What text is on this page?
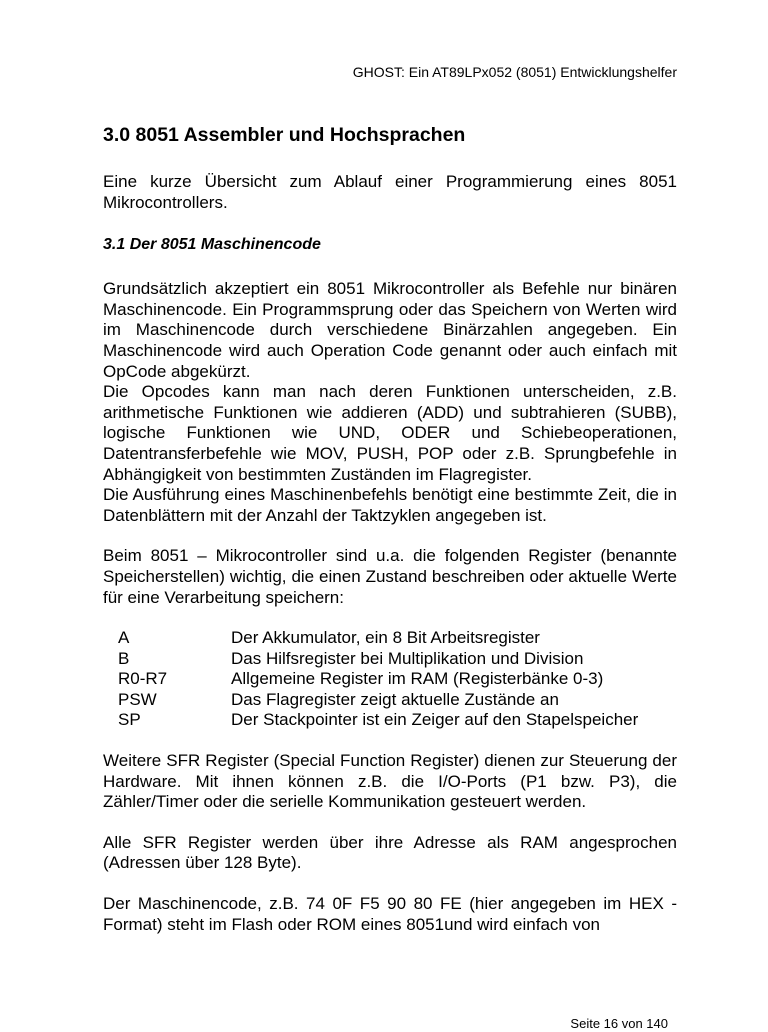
GHOST: Ein AT89LPx052 (8051) Entwicklungshelfer
3.0 8051 Assembler und Hochsprachen

Eine kurze Übersicht zum Ablauf einer Programmierung eines 8051 Mikrocontrollers.

3.1 Der 8051 Maschinencode

Grundsätzlich akzeptiert ein 8051 Mikrocontroller als Befehle nur binären Maschinencode. Ein Programmsprung oder das Speichern von Werten wird im Maschinencode durch verschiedene Binärzahlen angegeben. Ein Maschinencode wird auch Operation Code genannt oder auch einfach mit OpCode abgekürzt.

Die Opcodes kann man nach deren Funktionen unterscheiden, z.B. arithmetische Funktionen wie addieren (ADD) und subtrahieren (SUBB), logische Funktionen wie UND, ODER und Schiebeoperationen, Datentransferbefehle wie MOV, PUSH, POP oder z.B. Sprungbefehle in Abhängigkeit von bestimmten Zuständen im Flagregister.

Die Ausführung eines Maschinenbefehls benötigt eine bestimmte Zeit, die in Datenblättern mit der Anzahl der Taktzyklen angegeben ist.

Beim 8051 – Mikrocontroller sind u.a. die folgenden Register (benannte Speicherstellen) wichtig, die einen Zustand beschreiben oder aktuelle Werte für eine Verarbeitung speichern:

A	Der Akkumulator, ein 8 Bit Arbeitsregister
B	Das Hilfsregister bei Multiplikation und Division
R0-R7	Allgemeine Register im RAM (Registerbänke 0-3)
PSW	Das Flagregister zeigt aktuelle Zustände an
SP	Der Stackpointer ist ein Zeiger auf den Stapelspeicher

Weitere SFR Register (Special Function Register) dienen zur Steuerung der Hardware. Mit ihnen können z.B. die I/O-Ports (P1 bzw. P3), die Zähler/Timer oder die serielle Kommunikation gesteuert werden.

Alle SFR Register werden über ihre Adresse als RAM angesprochen (Adressen über 128 Byte).

Der Maschinencode, z.B. 74 0F F5 90 80 FE (hier angegeben im HEX - Format) steht im Flash oder ROM eines 8051und wird einfach von

Seite 16 von 140
